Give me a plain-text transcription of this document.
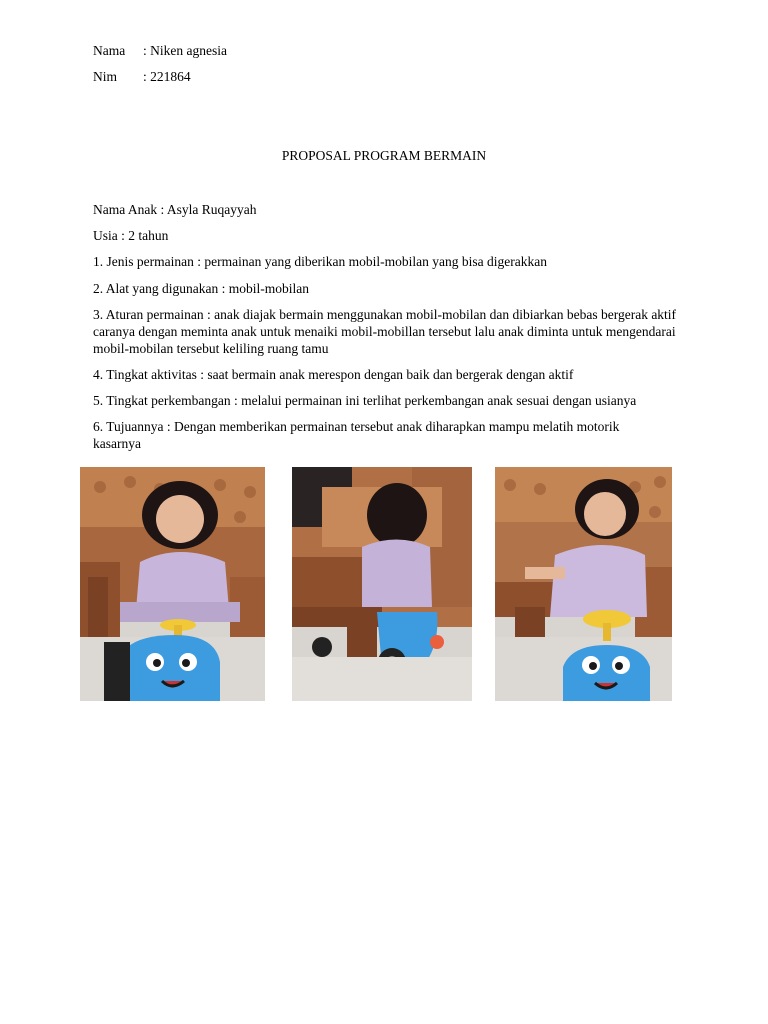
Nama	: Niken agnesia
Nim	: 221864
PROPOSAL PROGRAM BERMAIN
Nama Anak : Asyla Ruqayyah
Usia : 2 tahun
1. Jenis permainan : permainan yang diberikan mobil-mobilan yang bisa digerakkan
2. Alat yang digunakan : mobil-mobilan
3. Aturan permainan : anak diajak bermain menggunakan mobil-mobilan dan dibiarkan bebas bergerak aktif caranya dengan meminta anak untuk menaiki mobil-mobillan tersebut lalu anak diminta untuk mengendarai mobil-mobilan tersebut keliling ruang tamu
4. Tingkat aktivitas : saat bermain anak merespon dengan baik dan bergerak dengan aktif
5. Tingkat perkembangan : melalui permainan ini terlihat perkembangan anak sesuai dengan usianya
6. Tujuannya : Dengan memberikan permainan tersebut anak diharapkan mampu melatih motorik kasarnya
